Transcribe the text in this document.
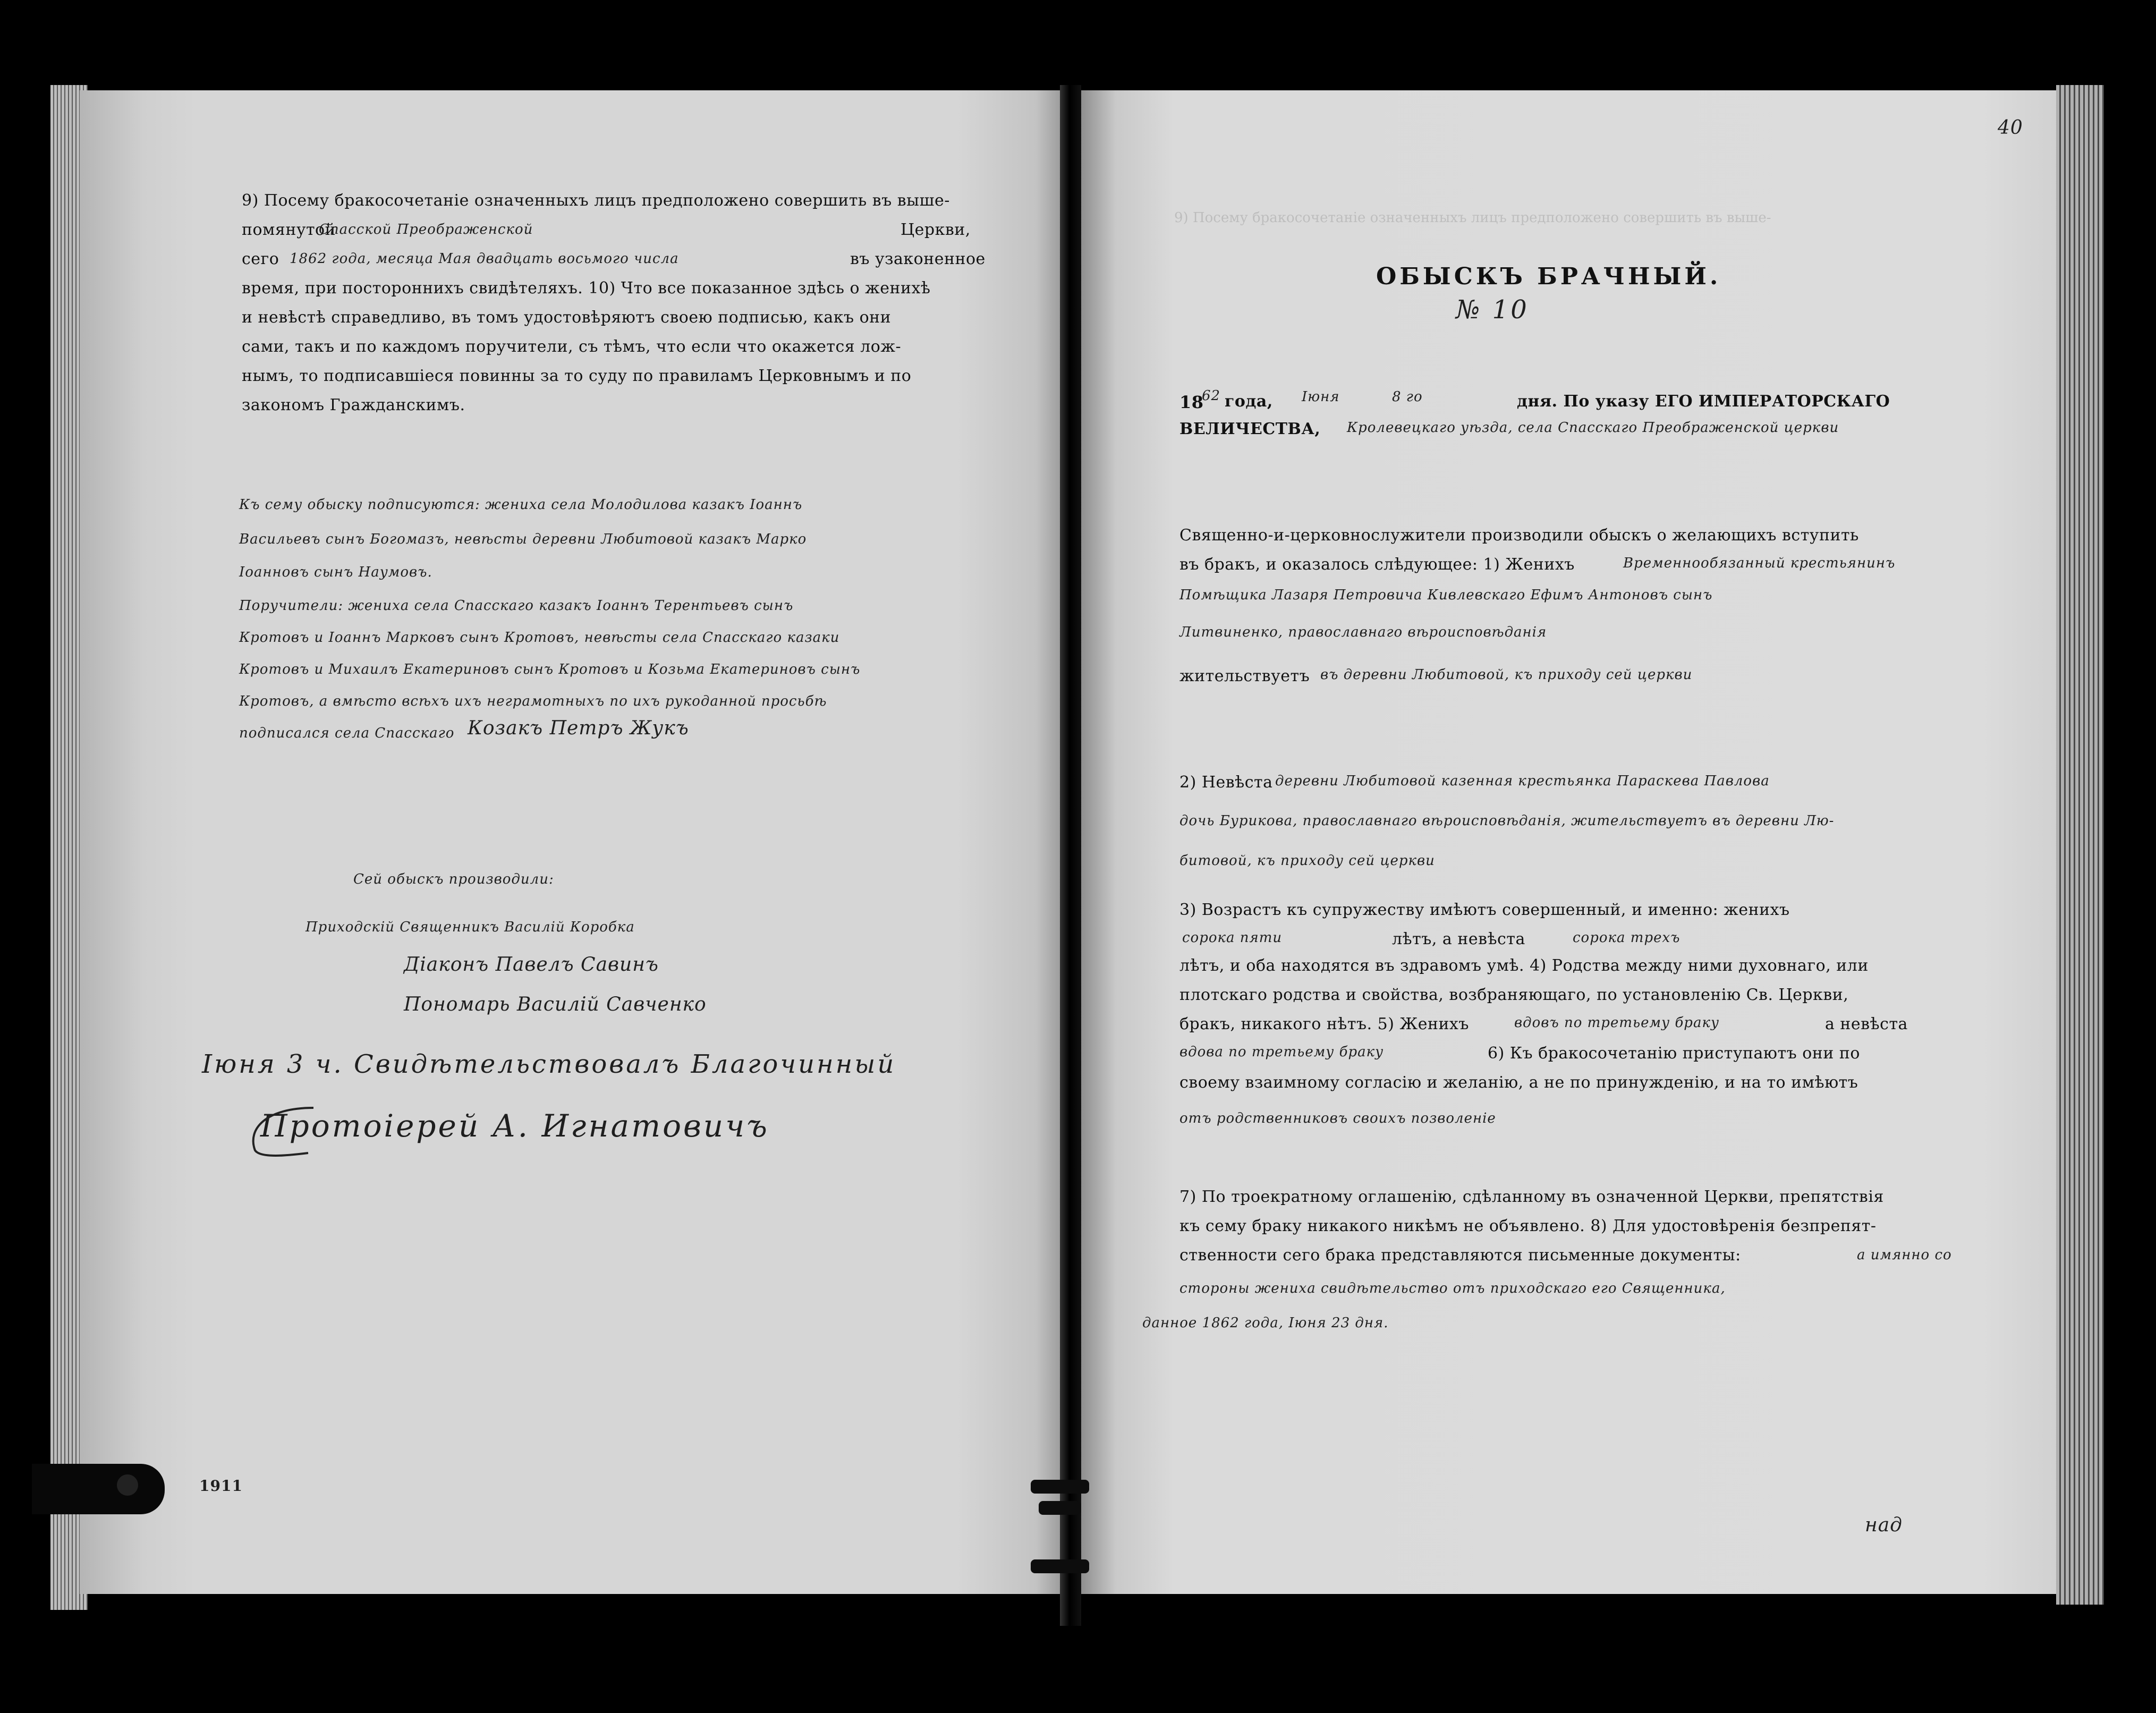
9) Посему бракосочетаніе означенныхъ лицъ предположено совершить въ выше-
9) Посему бракосочетаніе означенныхъ лицъ предположено совершить въ выше-
помянутой
Спасской Преображенской	Церкви,
сего 1862 года, месяца Мая двадцать восьмого числа	въ узаконенное
время, при постороннихъ свидѣтеляхъ. 10) Что все показанное здѣсь о женихѣ
и невѣстѣ справедливо, въ томъ удостовѣряютъ своею подписью, какъ они
сами, такъ и по каждомъ поручители, съ тѣмъ, что если что окажется лож-
нымъ, то подписавшіеся повинны за то суду по правиламъ Церковнымъ и по
закономъ Гражданскимъ.
Къ сему обыску подписуются: жениха села Молодилова казакъ Іоаннъ
Васильевъ сынъ Богомазъ, невѣсты деревни Любитовой казакъ Марко
Іоанновъ сынъ Наумовъ.
Поручители: жениха села Спасскаго казакъ Іоаннъ Терентьевъ сынъ
Кротовъ и Іоаннъ Марковъ сынъ Кротовъ, невѣсты села Спасскаго казаки
Кротовъ и Михаилъ Екатериновъ сынъ Кротовъ и Козьма Екатериновъ сынъ
Кротовъ, а вмѣсто всѣхъ ихъ неграмотныхъ по ихъ рукоданной просьбѣ
подписался села Спасскаго Козакъ Петръ Жукъ
Сей обыскъ производили:
Приходскій Священникъ Василій Коробка
Діаконъ Павелъ Савинъ
Пономарь Василій Савченко
Іюня 3 ч. Свидѣтельствовалъ Благочинный
Протоіерей А. Игнатовичъ
1911
40
ОБЫСКЪ БРАЧНЫЙ.
№ 10
18
62 года, Іюня	8 го	дня. По указу ЕГО ИМПЕРАТОРСКАГО
ВЕЛИЧЕСТВА, Кролевецкаго уѣзда, села Спасскаго Преображенской церкви
Священно-и-церковнослужители производили обыскъ о желающихъ вступить
въ бракъ, и оказалось слѣдующее: 1) Женихъ	Временнообязанный крестьянинъ
Помѣщика Лазаря Петровича Кивлевскаго Ефимъ Антоновъ сынъ
Литвиненко, православнаго вѣроисповѣданія
жительствуетъ въ деревни Любитовой, къ приходу сей церкви
2) Невѣста деревни Любитовой казенная крестьянка Параскева Павлова
дочь Бурикова, православнаго вѣроисповѣданія, жительствуетъ въ деревни Лю-
битовой, къ приходу сей церкви
3) Возрастъ къ супружеству имѣютъ совершенный, и именно: женихъ
сорока пяти	лѣтъ, а невѣста	сорока трехъ
лѣтъ, и оба находятся въ здравомъ умѣ. 4) Родства между ними духовнаго, или
плотскаго родства и свойства, возбраняющаго, по установленію Св. Церкви,
бракъ, никакого нѣтъ. 5) Женихъ	вдовъ по третьему браку	а невѣста
вдова по третьему браку	6) Къ бракосочетанію приступаютъ они по
своему взаимному согласію и желанію, а не по принужденію, и на то имѣютъ
отъ родственниковъ своихъ позволеніе
7) По троекратному оглашенію, сдѣланному въ означенной Церкви, препятствія
къ сему браку никакого никѣмъ не объявлено. 8) Для удостовѣренія безпрепят-
ственности сего брака представляются письменные документы:	а имянно со
стороны жениха свидѣтельство отъ приходскаго его Священника,
данное 1862 года, Іюня 23 дня.
над
